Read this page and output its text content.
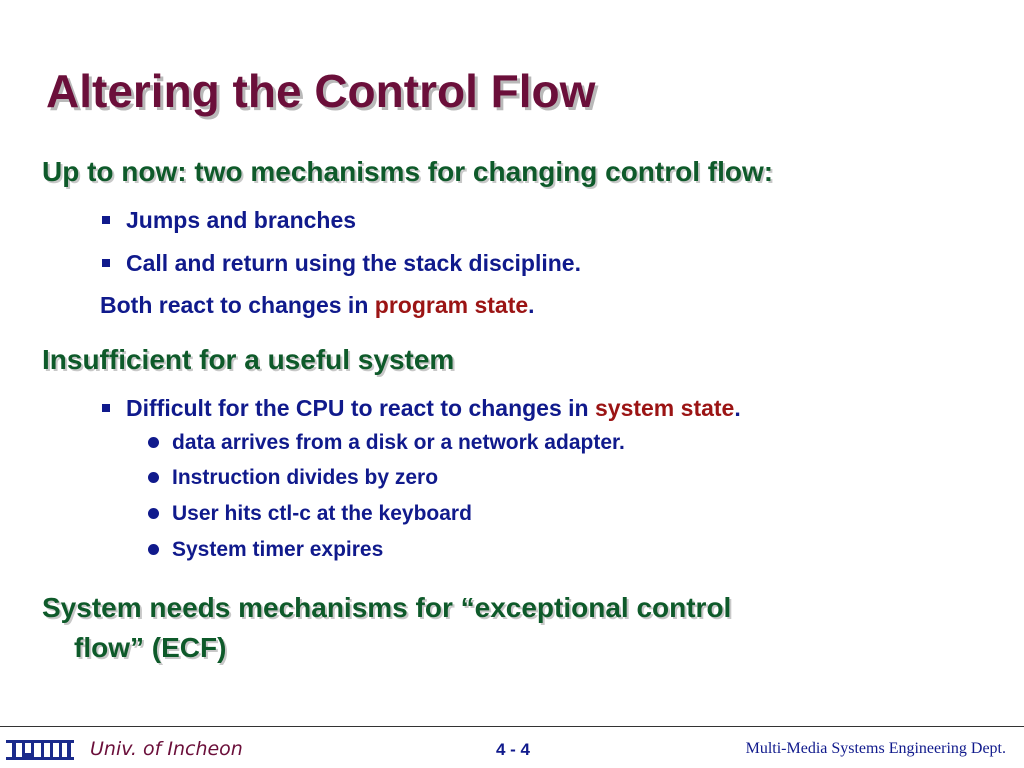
Altering the Control Flow
Up to now: two mechanisms for changing control flow:
Jumps and branches
Call and return using the stack discipline.
Both react to changes in program state.
Insufficient for a useful system
Difficult for the CPU to react to changes in system state.
data arrives from a disk or a network adapter.
Instruction divides by zero
User hits ctl-c at the keyboard
System timer expires
System needs mechanisms for “exceptional control
flow” (ECF)
Univ. of Incheon	4 - 4	Multi-Media Systems Engineering Dept.
